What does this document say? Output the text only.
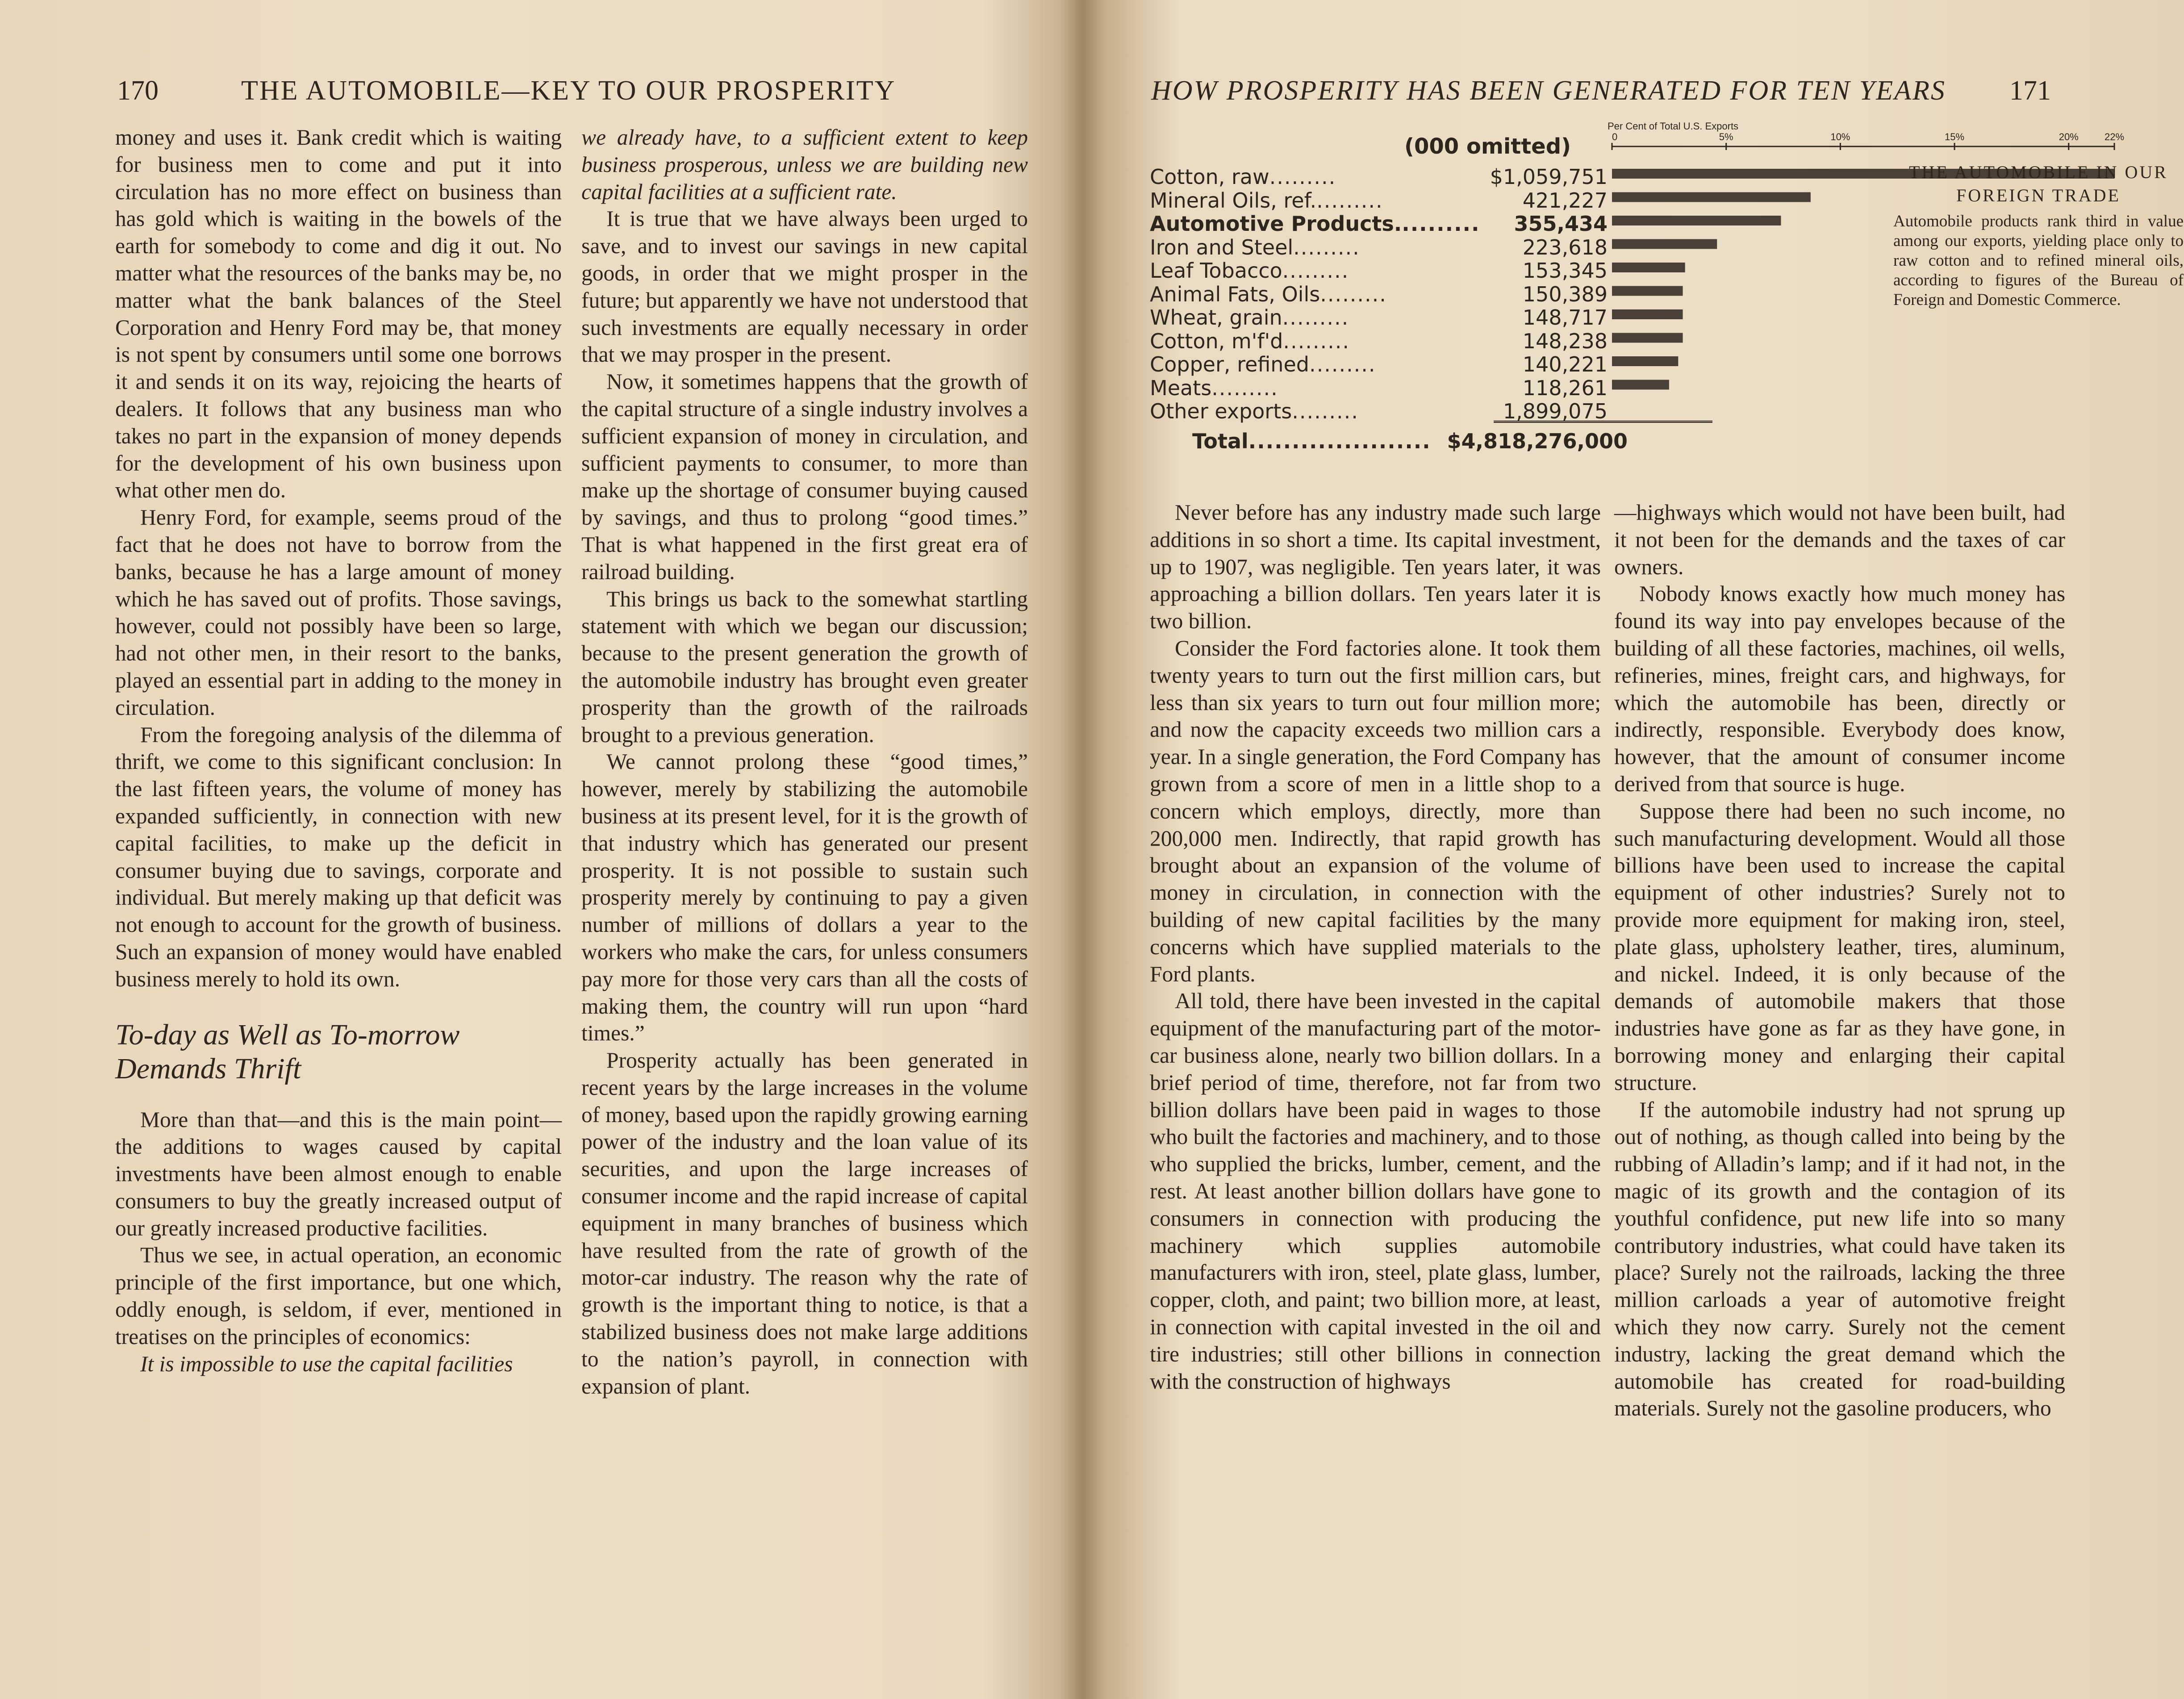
170	THE AUTOMOBILE—KEY TO OUR PROSPERITY

money and uses it. Bank credit which is waiting for business men to come and put it into circulation has no more effect on business than has gold which is waiting in the bowels of the earth for somebody to come and dig it out. No matter what the resources of the banks may be, no matter what the bank balances of the Steel Corporation and Henry Ford may be, that money is not spent by consumers until some one borrows it and sends it on its way, rejoicing the hearts of dealers. It follows that any business man who takes no part in the expansion of money depends for the development of his own business upon what other men do.

Henry Ford, for example, seems proud of the fact that he does not have to borrow from the banks, because he has a large amount of money which he has saved out of profits. Those savings, however, could not possibly have been so large, had not other men, in their resort to the banks, played an essential part in adding to the money in circulation.

From the foregoing analysis of the dilemma of thrift, we come to this significant conclusion: In the last fifteen years, the volume of money has expanded sufficiently, in connection with new capital facilities, to make up the deficit in consumer buying due to savings, corporate and individual. But merely making up that deficit was not enough to account for the growth of business. Such an expansion of money would have enabled business merely to hold its own.

To-day as Well as To-morrow Demands Thrift

More than that—and this is the main point—the additions to wages caused by capital investments have been almost enough to enable consumers to buy the greatly increased output of our greatly increased productive facilities.

Thus we see, in actual operation, an economic principle of the first importance, but one which, oddly enough, is seldom, if ever, mentioned in treatises on the principles of economics:

It is impossible to use the capital facilities

we already have, to a sufficient extent to keep business prosperous, unless we are building new capital facilities at a sufficient rate.

It is true that we have always been urged to save, and to invest our savings in new capital goods, in order that we might prosper in the future; but apparently we have not understood that such investments are equally necessary in order that we may prosper in the present.

Now, it sometimes happens that the growth of the capital structure of a single industry involves a sufficient expansion of money in circulation, and sufficient payments to consumer, to more than make up the shortage of consumer buying caused by savings, and thus to prolong “good times.” That is what happened in the first great era of railroad building.

This brings us back to the somewhat startling statement with which we began our discussion; because to the present generation the growth of the automobile industry has brought even greater prosperity than the growth of the railroads brought to a previous generation.

We cannot prolong these “good times,” however, merely by stabilizing the automobile business at its present level, for it is the growth of that industry which has generated our present prosperity. It is not possible to sustain such prosperity merely by continuing to pay a given number of millions of dollars a year to the workers who make the cars, for unless consumers pay more for those very cars than all the costs of making them, the country will run upon “hard times.”

Prosperity actually has been generated in recent years by the large increases in the volume of money, based upon the rapidly growing earning power of the industry and the loan value of its securities, and upon the large increases of consumer income and the rapid increase of capital equipment in many branches of business which have resulted from the rate of growth of the motor-car industry. The reason why the rate of growth is the important thing to notice, is that a stabilized business does not make large additions to the nation’s payroll, in connection with expansion of plant.

HOW PROSPERITY HAS BEEN GENERATED FOR TEN YEARS 171
(000 omitted)
Per Cent of Total U.S. Exports
0	5%	10%	15%	20%	22%
Cotton, raw.........	$1,059,751
Mineral Oils, ref..........	421,227
Automotive Products.......... 355,434
Iron and Steel.........	223,618
Leaf Tobacco.........	153,345
Animal Fats, Oils.........	150,389
Wheat, grain.........	148,717
Cotton, m'f'd.........	148,238
Copper, refined.........	140,221
Meats.........	118,261
Other exports.........	1,899,075
Total..................... $4,818,276,000
THE AUTOMOBILE IN OUR FOREIGN TRADE
Automobile products rank third in value among our exports, yielding place only to raw cotton and to refined mineral oils, according to figures of the Bureau of Foreign and Domestic Commerce.

Never before has any industry made such large additions in so short a time. Its capital investment, up to 1907, was negligible. Ten years later, it was approaching a billion dollars. Ten years later it is two billion.

Consider the Ford factories alone. It took them twenty years to turn out the first million cars, but less than six years to turn out four million more; and now the capacity exceeds two million cars a year. In a single generation, the Ford Company has grown from a score of men in a little shop to a concern which employs, directly, more than 200,000 men. Indirectly, that rapid growth has brought about an expansion of the volume of money in circulation, in connection with the building of new capital facilities by the many concerns which have supplied materials to the Ford plants.

All told, there have been invested in the capital equipment of the manufacturing part of the motor-car business alone, nearly two billion dollars. In a brief period of time, therefore, not far from two billion dollars have been paid in wages to those who built the factories and machinery, and to those who supplied the bricks, lumber, cement, and the rest. At least another billion dollars have gone to consumers in connection with producing the machinery which supplies automobile manufacturers with iron, steel, plate glass, lumber, copper, cloth, and paint; two billion more, at least, in connection with capital invested in the oil and tire industries; still other billions in connection with the construction of highways

—highways which would not have been built, had it not been for the demands and the taxes of car owners.

Nobody knows exactly how much money has found its way into pay envelopes because of the building of all these factories, machines, oil wells, refineries, mines, freight cars, and highways, for which the automobile has been, directly or indirectly, responsible. Everybody does know, however, that the amount of consumer income derived from that source is huge.

Suppose there had been no such income, no such manufacturing development. Would all those billions have been used to increase the capital equipment of other industries? Surely not to provide more equipment for making iron, steel, plate glass, upholstery leather, tires, aluminum, and nickel. Indeed, it is only because of the demands of automobile makers that those industries have gone as far as they have gone, in borrowing money and enlarging their capital structure.

If the automobile industry had not sprung up out of nothing, as though called into being by the rubbing of Alladin’s lamp; and if it had not, in the magic of its growth and the contagion of its youthful confidence, put new life into so many contributory industries, what could have taken its place? Surely not the railroads, lacking the three million carloads a year of automotive freight which they now carry. Surely not the cement industry, lacking the great demand which the automobile has created for road-building materials. Surely not the gasoline producers, who
